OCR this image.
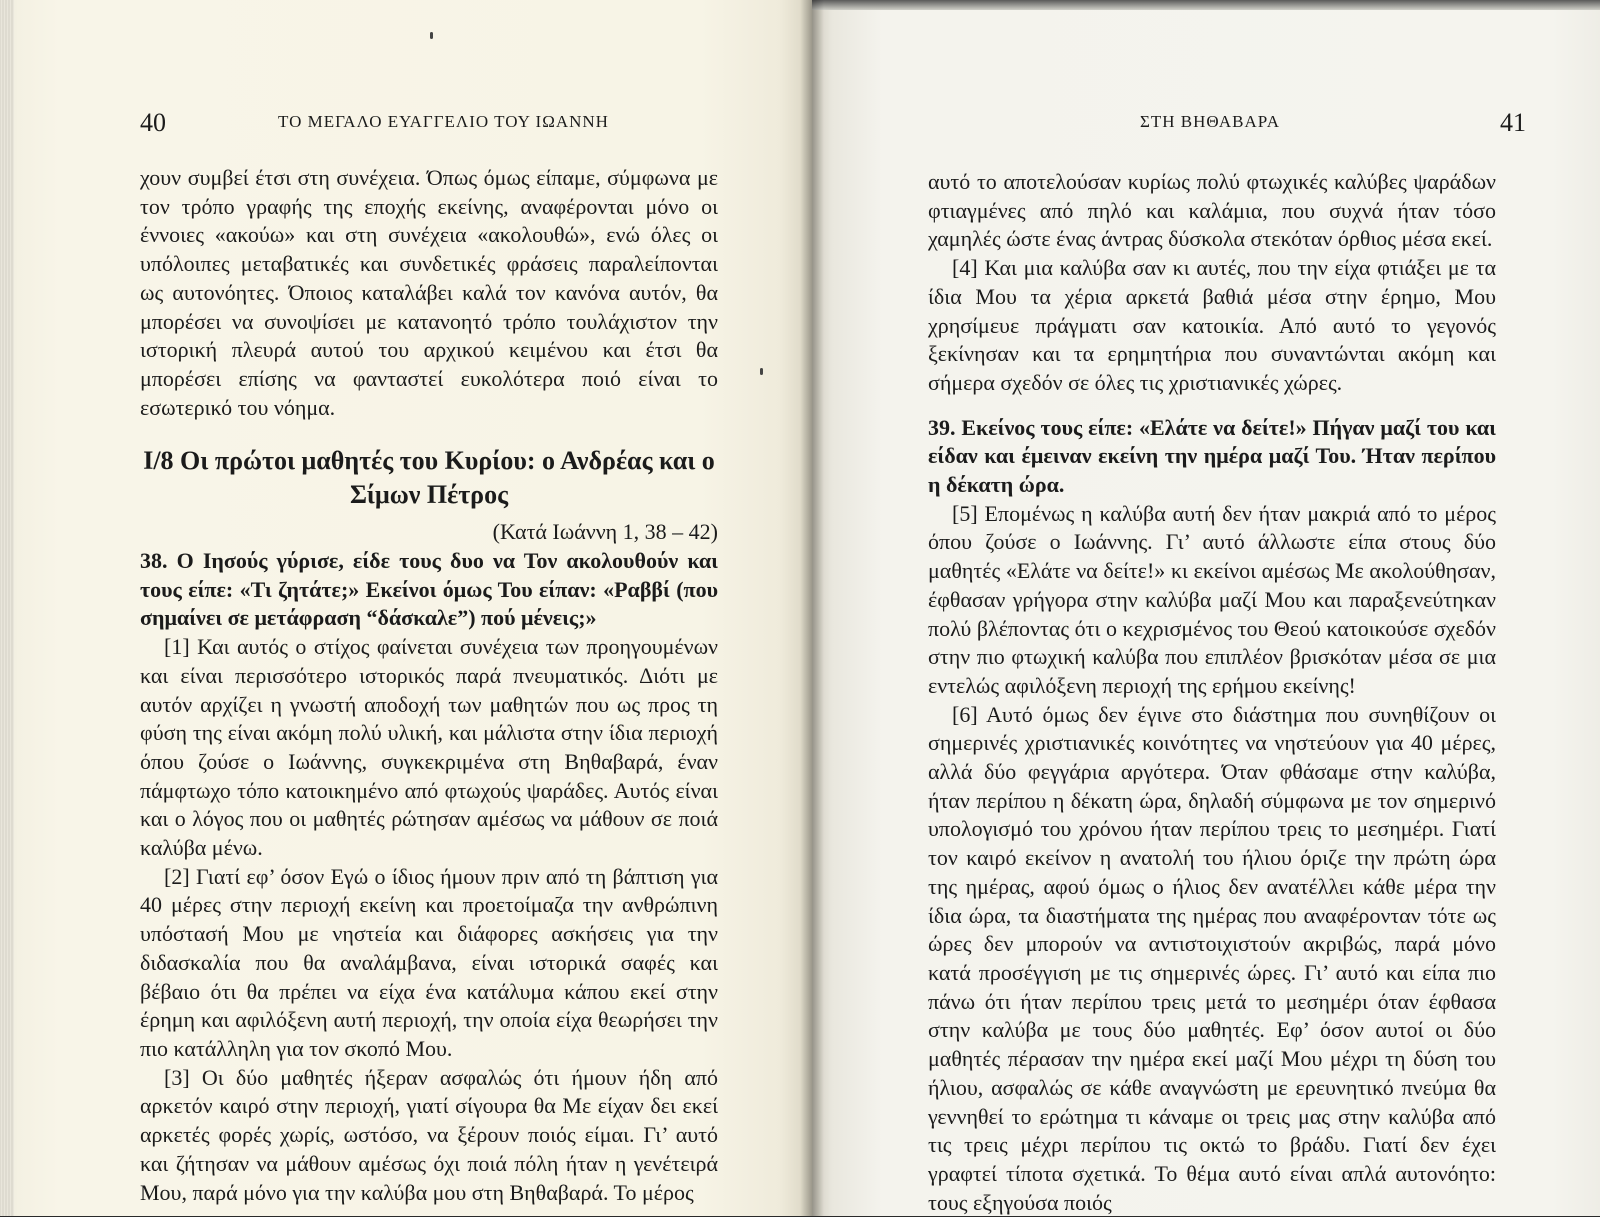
40	ΤΟ ΜΕΓΑΛΟ ΕΥΑΓΓΕΛΙΟ ΤΟΥ ΙΩΑΝΝΗ

χουν συμβεί έτσι στη συνέχεια. Όπως όμως είπαμε, σύμφωνα με τον τρόπο γραφής της εποχής εκείνης, αναφέρονται μόνο οι έννοιες «ακούω» και στη συνέχεια «ακολουθώ», ενώ όλες οι υπόλοιπες μεταβατικές και συνδετικές φράσεις παραλείπονται ως αυτονόητες. Όποιος καταλάβει καλά τον κανόνα αυτόν, θα μπορέσει να συνοψίσει με κατανοητό τρόπο τουλάχιστον την ιστορική πλευρά αυτού του αρχικού κειμένου και έτσι θα μπορέσει επίσης να φανταστεί ευκολότερα ποιό είναι το εσωτερικό του νόημα.

Ι/8 Οι πρώτοι μαθητές του Κυρίου: ο Ανδρέας και ο Σίμων Πέτρος

(Κατά Ιωάννη 1, 38 – 42)

38. Ο Ιησούς γύρισε, είδε τους δυο να Τον ακολουθούν και τους είπε: «Τι ζητάτε;» Εκείνοι όμως Του είπαν: «Ραββί (που σημαίνει σε μετάφραση “δάσκαλε”) πού μένεις;»

[1] Και αυτός ο στίχος φαίνεται συνέχεια των προηγουμένων και είναι περισσότερο ιστορικός παρά πνευματικός. Διότι με αυτόν αρχίζει η γνωστή αποδοχή των μαθητών που ως προς τη φύση της είναι ακόμη πολύ υλική, και μάλιστα στην ίδια περιοχή όπου ζούσε ο Ιωάννης, συγκεκριμένα στη Βηθαβαρά, έναν πάμφτωχο τόπο κατοικημένο από φτωχούς ψαράδες. Αυτός είναι και ο λόγος που οι μαθητές ρώτησαν αμέσως να μάθουν σε ποιά καλύβα μένω.

[2] Γιατί εφ’ όσον Εγώ ο ίδιος ήμουν πριν από τη βάπτιση για 40 μέρες στην περιοχή εκείνη και προετοίμαζα την ανθρώπινη υπόστασή Μου με νηστεία και διάφορες ασκήσεις για την διδασκαλία που θα αναλάμβανα, είναι ιστορικά σαφές και βέβαιο ότι θα πρέπει να είχα ένα κατάλυμα κάπου εκεί στην έρημη και αφιλόξενη αυτή περιοχή, την οποία είχα θεωρήσει την πιο κατάλληλη για τον σκοπό Μου.

[3] Οι δύο μαθητές ήξεραν ασφαλώς ότι ήμουν ήδη από αρκετόν καιρό στην περιοχή, γιατί σίγουρα θα Με είχαν δει εκεί αρκετές φορές χωρίς, ωστόσο, να ξέρουν ποιός είμαι. Γι’ αυτό και ζήτησαν να μάθουν αμέσως όχι ποιά πόλη ήταν η γενέτειρά Μου, παρά μόνο για την καλύβα μου στη Βηθαβαρά. Το μέρος

ΣΤΗ ΒΗΘΑΒΑΡΑ	41

αυτό το αποτελούσαν κυρίως πολύ φτωχικές καλύβες ψαράδων φτιαγμένες από πηλό και καλάμια, που συχνά ήταν τόσο χαμηλές ώστε ένας άντρας δύσκολα στεκόταν όρθιος μέσα εκεί.

[4] Και μια καλύβα σαν κι αυτές, που την είχα φτιάξει με τα ίδια Μου τα χέρια αρκετά βαθιά μέσα στην έρημο, Μου χρησίμευε πράγματι σαν κατοικία. Από αυτό το γεγονός ξεκίνησαν και τα ερημητήρια που συναντώνται ακόμη και σήμερα σχεδόν σε όλες τις χριστιανικές χώρες.

39. Εκείνος τους είπε: «Ελάτε να δείτε!» Πήγαν μαζί του και είδαν και έμειναν εκείνη την ημέρα μαζί Του. Ήταν περίπου η δέκατη ώρα.

[5] Επομένως η καλύβα αυτή δεν ήταν μακριά από το μέρος όπου ζούσε ο Ιωάννης. Γι’ αυτό άλλωστε είπα στους δύο μαθητές «Ελάτε να δείτε!» κι εκείνοι αμέσως Με ακολούθησαν, έφθασαν γρήγορα στην καλύβα μαζί Μου και παραξενεύτηκαν πολύ βλέποντας ότι ο κεχρισμένος του Θεού κατοικούσε σχεδόν στην πιο φτωχική καλύβα που επιπλέον βρισκόταν μέσα σε μια εντελώς αφιλόξενη περιοχή της ερήμου εκείνης!

[6] Αυτό όμως δεν έγινε στο διάστημα που συνηθίζουν οι σημερινές χριστιανικές κοινότητες να νηστεύουν για 40 μέρες, αλλά δύο φεγγάρια αργότερα. Όταν φθάσαμε στην καλύβα, ήταν περίπου η δέκατη ώρα, δηλαδή σύμφωνα με τον σημερινό υπολογισμό του χρόνου ήταν περίπου τρεις το μεσημέρι. Γιατί τον καιρό εκείνον η ανατολή του ήλιου όριζε την πρώτη ώρα της ημέρας, αφού όμως ο ήλιος δεν ανατέλλει κάθε μέρα την ίδια ώρα, τα διαστήματα της ημέρας που αναφέρονταν τότε ως ώρες δεν μπορούν να αντιστοιχιστούν ακριβώς, παρά μόνο κατά προσέγγιση με τις σημερινές ώρες. Γι’ αυτό και είπα πιο πάνω ότι ήταν περίπου τρεις μετά το μεσημέρι όταν έφθασα στην καλύβα με τους δύο μαθητές. Εφ’ όσον αυτοί οι δύο μαθητές πέρασαν την ημέρα εκεί μαζί Μου μέχρι τη δύση του ήλιου, ασφαλώς σε κάθε αναγνώστη με ερευνητικό πνεύμα θα γεννηθεί το ερώτημα τι κάναμε οι τρεις μας στην καλύβα από τις τρεις μέχρι περίπου τις οκτώ το βράδυ. Γιατί δεν έχει γραφτεί τίποτα σχετικά. Το θέμα αυτό είναι απλά αυτονόητο: τους εξηγούσα ποιός
